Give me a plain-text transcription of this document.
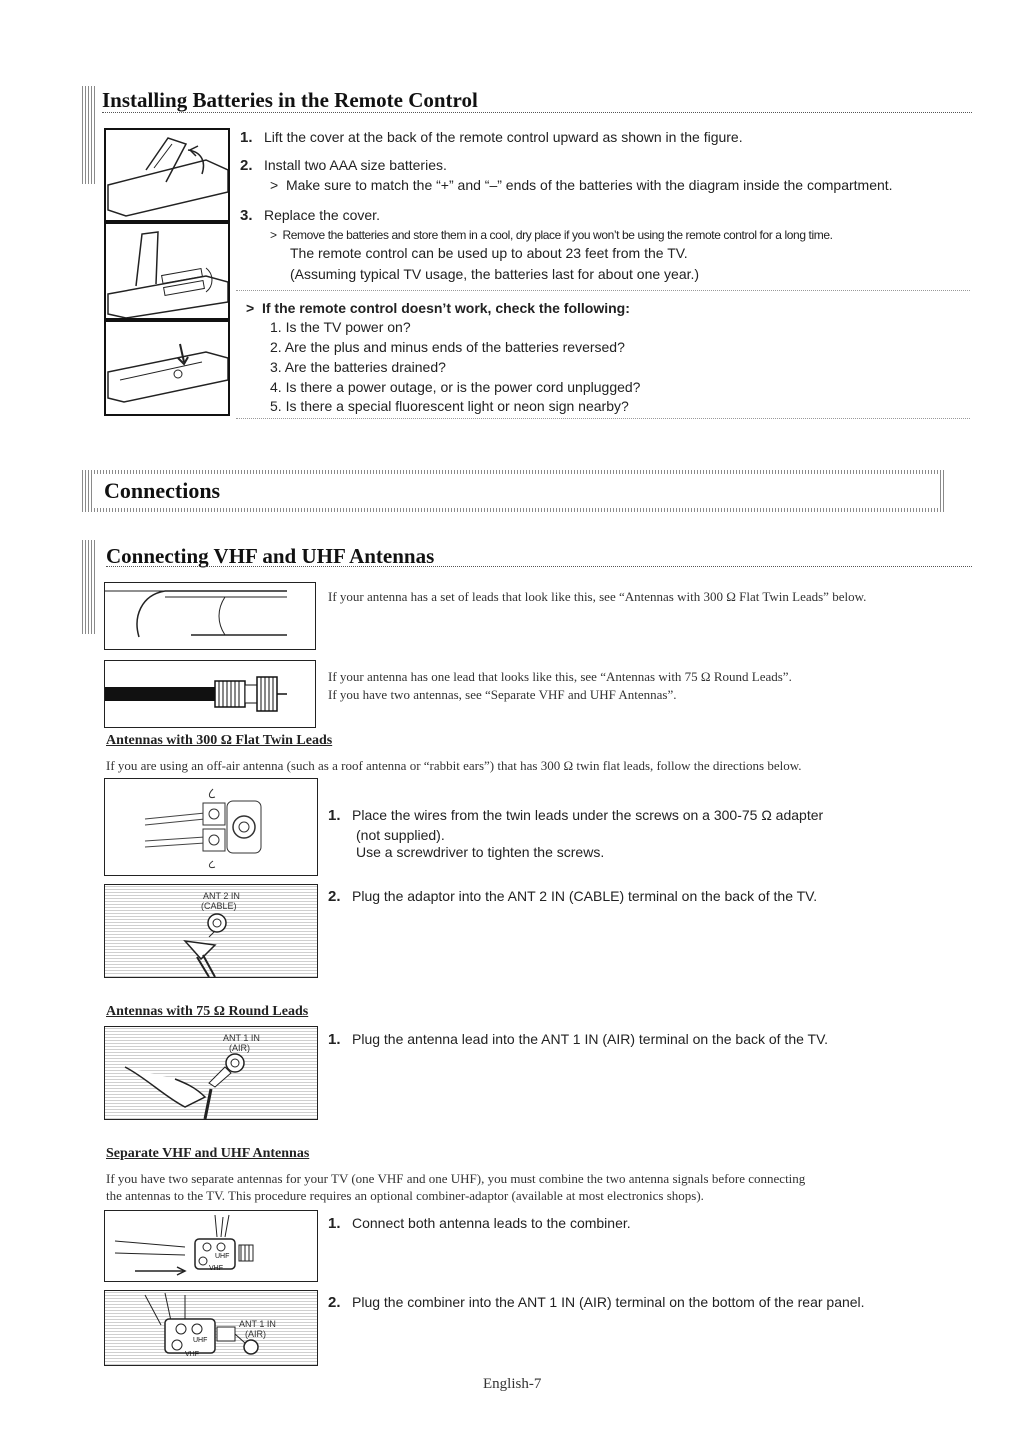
Installing Batteries in the Remote Control
1. Lift the cover at the back of the remote control upward as shown in the figure.
2. Install two AAA size batteries.
>  Make sure to match the “+” and “–” ends of the batteries with the diagram inside the compartment.
3. Replace the cover.
>  Remove the batteries and store them in a cool, dry place if you won’t be using the remote control for a long time.
The remote control can be used up to about 23 feet from the TV.
(Assuming typical TV usage, the batteries last for about one year.)
>  If the remote control doesn’t work, check the following:
1. Is the TV power on?
2. Are the plus and minus ends of the batteries reversed?
3. Are the batteries drained?
4. Is there a power outage, or is the power cord unplugged?
5. Is there a special fluorescent light or neon sign nearby?
Connections
Connecting VHF and UHF Antennas
If your antenna has a set of leads that look like this, see “Antennas with 300 Ω Flat Twin Leads” below.
If your antenna has one lead that looks like this, see “Antennas with 75 Ω Round Leads”.
If you have two antennas, see “Separate VHF and UHF Antennas”.
Antennas with 300 Ω Flat Twin Leads
If you are using an off-air antenna (such as a roof antenna or “rabbit ears”) that has 300 Ω twin flat leads, follow the directions below.
1. Place the wires from the twin leads under the screws on a 300-75 Ω adapter
(not supplied).
Use a screwdriver to tighten the screws.
ANT 2 IN
(CABLE)
2. Plug the adaptor into the ANT 2 IN (CABLE) terminal on the back of the TV.
Antennas with 75 Ω Round Leads
ANT 1 IN
(AIR)	1. Plug the antenna lead into the ANT 1 IN (AIR) terminal on the back of the TV.
Separate VHF and UHF Antennas
If you have two separate antennas for your TV (one VHF and one UHF), you must combine the two antenna signals before connecting
the antennas to the TV. This procedure requires an optional combiner-adaptor (available at most electronics shops).
UHF
VHF
1. Connect both antenna leads to the combiner.
ANT 1 IN
(AIR)
UHF
VHF
2. Plug the combiner into the ANT 1 IN (AIR) terminal on the bottom of the rear panel.
English-7
